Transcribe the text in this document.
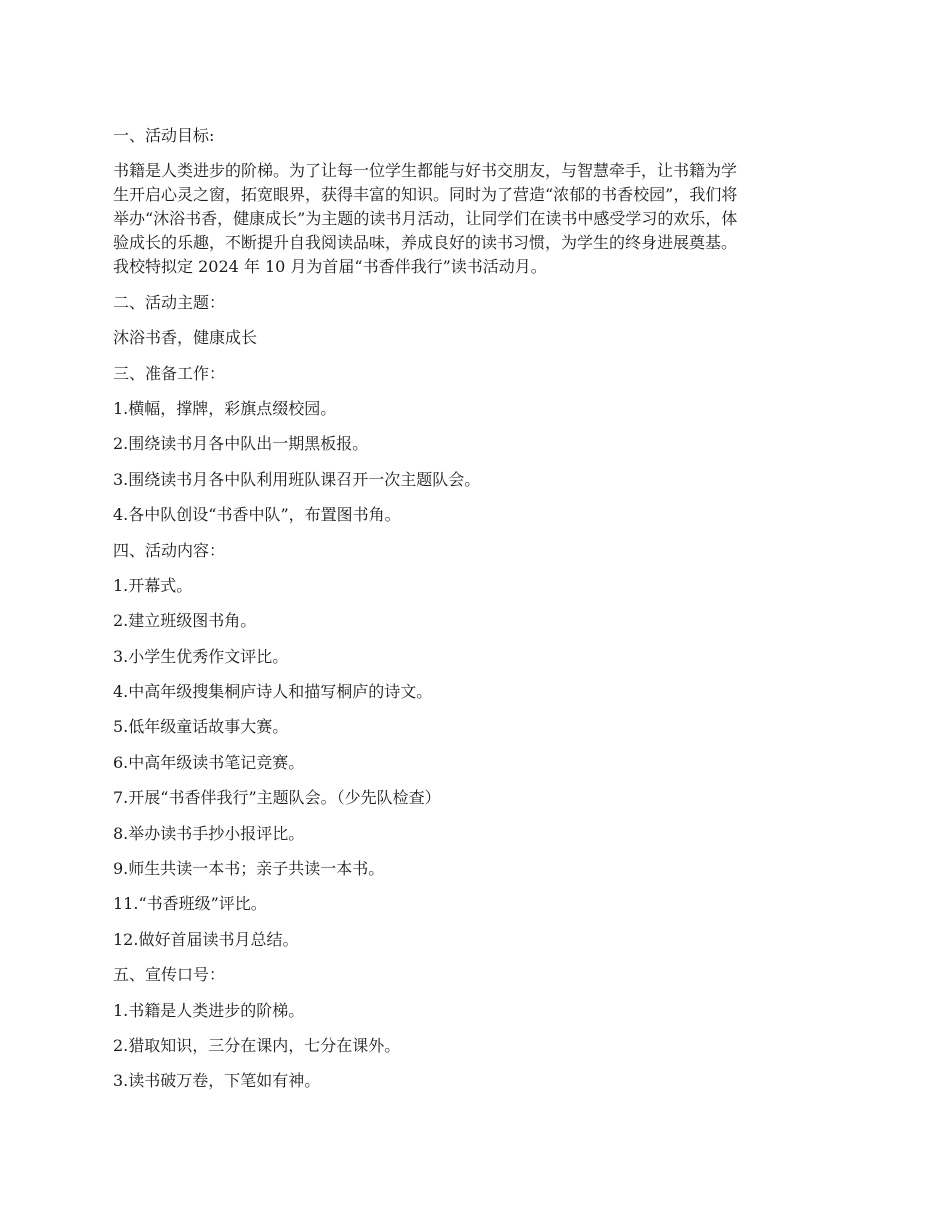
一、活动目标:
书籍是人类进步的阶梯。为了让每一位学生都能与好书交朋友，与智慧牵手，让书籍为学
生开启心灵之窗，拓宽眼界，获得丰富的知识。同时为了营造“浓郁的书香校园”，我们将
举办“沐浴书香，健康成长”为主题的读书月活动，让同学们在读书中感受学习的欢乐，体
验成长的乐趣，不断提升自我阅读品味，养成良好的读书习惯，为学生的终身进展奠基。
我校特拟定 2024 年 10 月为首届“书香伴我行”读书活动月。
二、活动主题：
沐浴书香，健康成长
三、准备工作：
1.横幅，撑牌，彩旗点缀校园。
2.围绕读书月各中队出一期黑板报。
3.围绕读书月各中队利用班队课召开一次主题队会。
4.各中队创设“书香中队”，布置图书角。
四、活动内容：
1.开幕式。
2.建立班级图书角。
3.小学生优秀作文评比。
4.中高年级搜集桐庐诗人和描写桐庐的诗文。
5.低年级童话故事大赛。
6.中高年级读书笔记竞赛。
7.开展“书香伴我行”主题队会。（少先队检查）
8.举办读书手抄小报评比。
9.师生共读一本书；亲子共读一本书。
11.“书香班级”评比。
12.做好首届读书月总结。
五、宣传口号：
1.书籍是人类进步的阶梯。
2.猎取知识，三分在课内，七分在课外。
3.读书破万卷，下笔如有神。
